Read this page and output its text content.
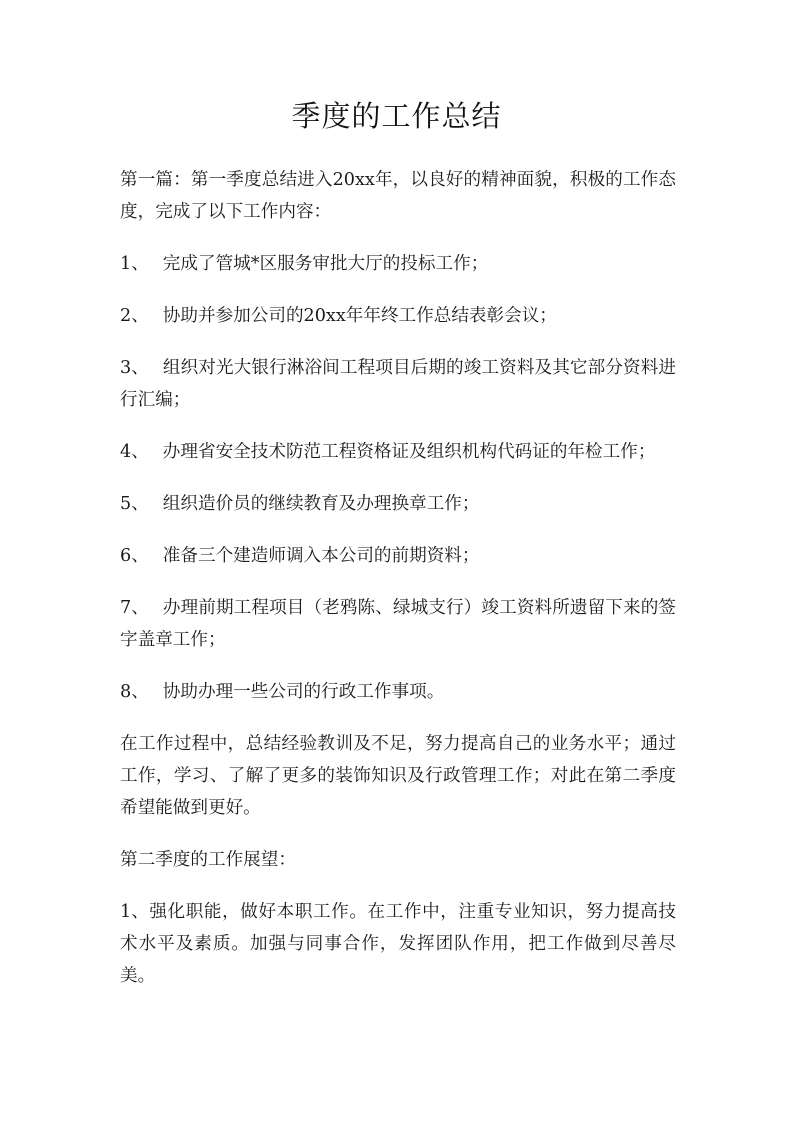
季度的工作总结

第一篇：第一季度总结进入20xx年，以良好的精神面貌，积极的工作态度，完成了以下工作内容：

1、 完成了管城*区服务审批大厅的投标工作；

2、 协助并参加公司的20xx年年终工作总结表彰会议；

3、 组织对光大银行淋浴间工程项目后期的竣工资料及其它部分资料进行汇编；

4、 办理省安全技术防范工程资格证及组织机构代码证的年检工作；

5、 组织造价员的继续教育及办理换章工作；

6、 准备三个建造师调入本公司的前期资料；

7、 办理前期工程项目（老鸦陈、绿城支行）竣工资料所遗留下来的签字盖章工作；

8、 协助办理一些公司的行政工作事项。

在工作过程中，总结经验教训及不足，努力提高自己的业务水平；通过工作，学习、了解了更多的装饰知识及行政管理工作；对此在第二季度希望能做到更好。

第二季度的工作展望：

1、强化职能，做好本职工作。在工作中，注重专业知识，努力提高技术水平及素质。加强与同事合作，发挥团队作用，把工作做到尽善尽美。
